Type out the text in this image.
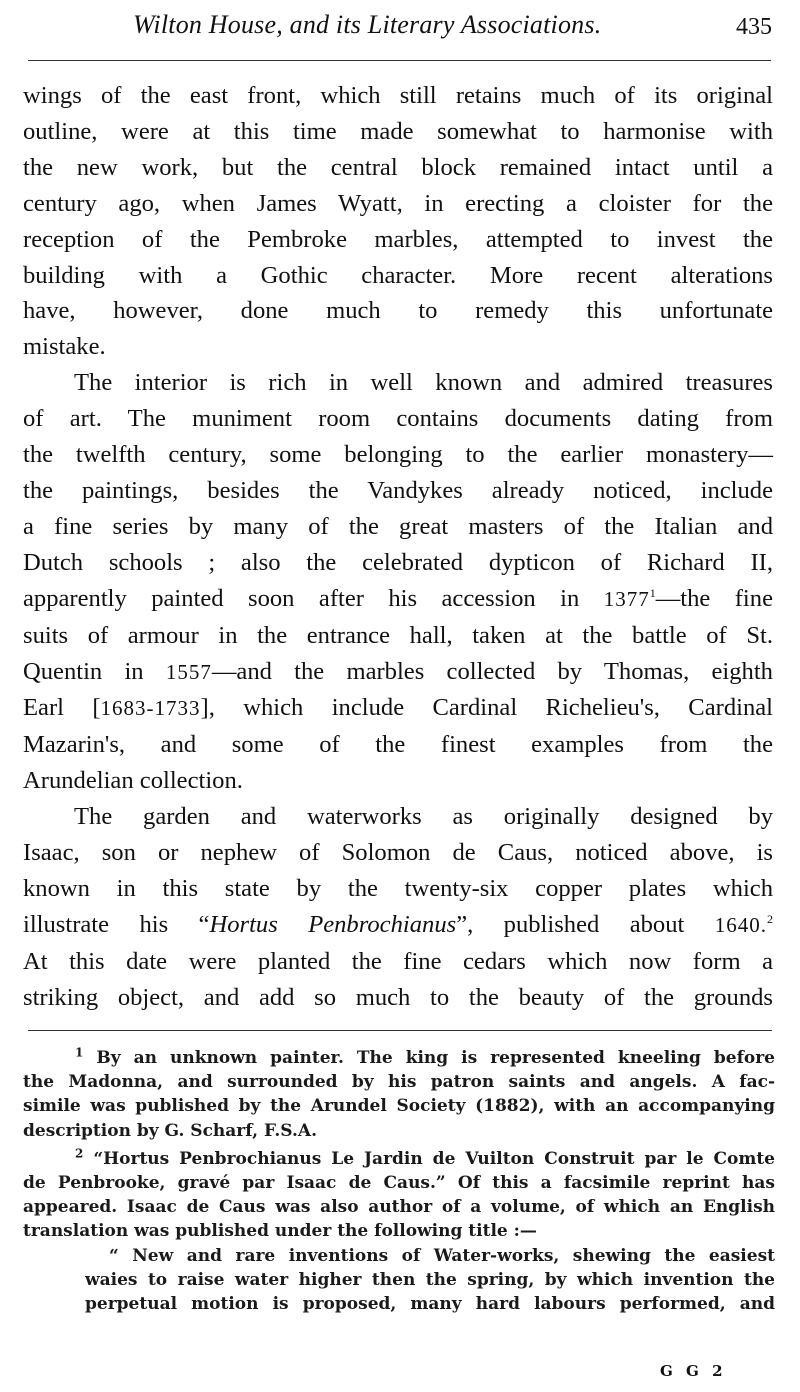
Wilton House, and its Literary Associations.	435

wings of the east front, which still retains much of its original
outline, were at this time made somewhat to harmonise with
the new work, but the central block remained intact until a
century ago, when James Wyatt, in erecting a cloister for the
reception of the Pembroke marbles, attempted to invest the
building with a Gothic character. More recent alterations
have, however, done much to remedy this unfortunate
mistake.

The interior is rich in well known and admired treasures
of art. The muniment room contains documents dating from
the twelfth century, some belonging to the earlier monastery—
the paintings, besides the Vandykes already noticed, include
a fine series by many of the great masters of the Italian and
Dutch schools ; also the celebrated dypticon of Richard II,
apparently painted soon after his accession in 1377$^1$—the fine
suits of armour in the entrance hall, taken at the battle of St.
Quentin in 1557—and the marbles collected by Thomas, eighth
Earl [1683-1733], which include Cardinal Richelieu's, Cardinal
Mazarin's, and some of the finest examples from the
Arundelian collection.

The garden and waterworks as originally designed by
Isaac, son or nephew of Solomon de Caus, noticed above, is
known in this state by the twenty-six copper plates which
illustrate his “Hortus Penbrochianus”, published about 1640.$^2$
At this date were planted the fine cedars which now form a
striking object, and add so much to the beauty of the grounds

$^1$ By an unknown painter. The king is represented kneeling before
the Madonna, and surrounded by his patron saints and angels. A fac-
simile was published by the Arundel Society (1882), with an accompanying
description by G. Scharf, F.S.A.
$^2$ “Hortus Penbrochianus Le Jardin de Vuilton Construit par le Comte
de Penbrooke, gravé par Isaac de Caus.” Of this a facsimile reprint has
appeared. Isaac de Caus was also author of a volume, of which an English
translation was published under the following title :—
“ New and rare inventions of Water-works, shewing the easiest
waies to raise water higher then the spring, by which invention the
perpetual motion is proposed, many hard labours performed, and
G G 2
